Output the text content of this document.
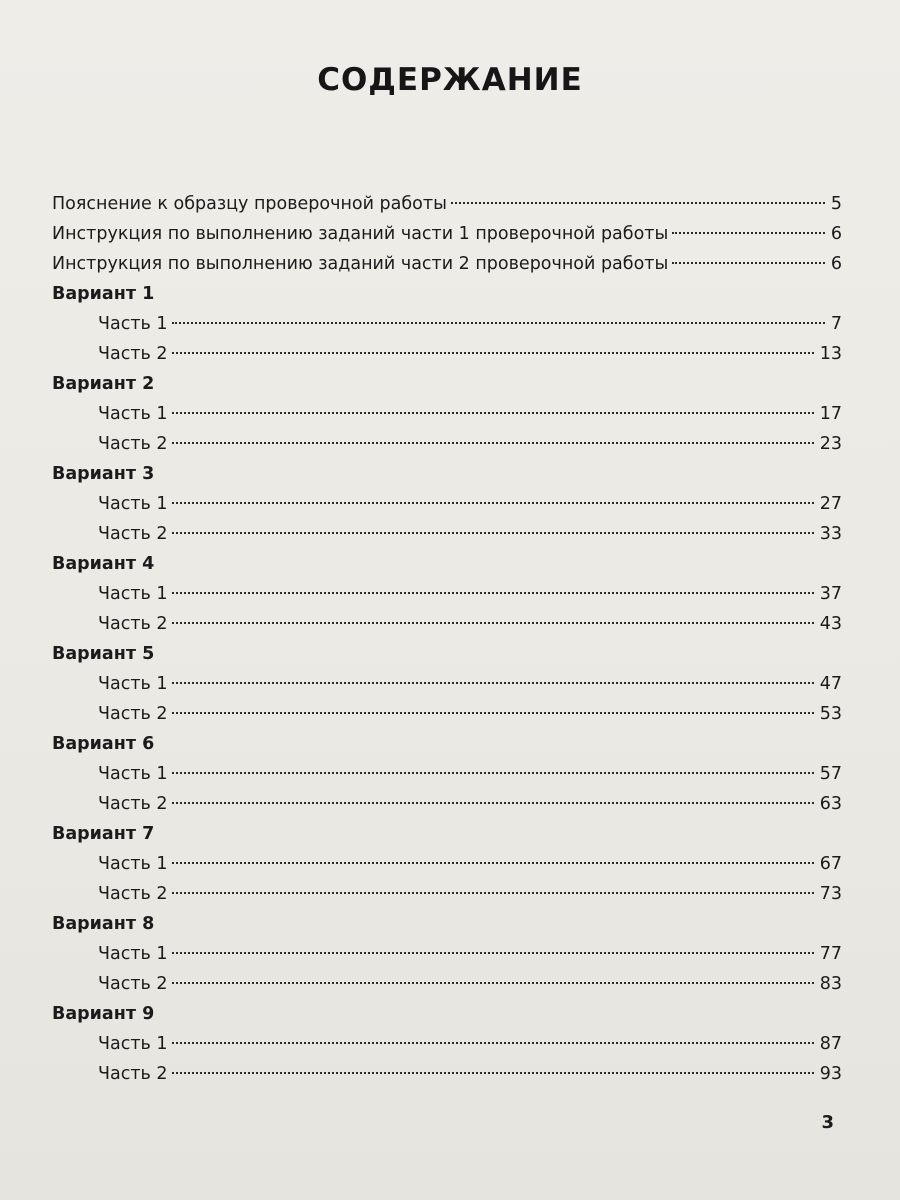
СОДЕРЖАНИЕ
Пояснение к образцу проверочной работы	5
Инструкция по выполнению заданий части 1 проверочной работы	6
Инструкция по выполнению заданий части 2 проверочной работы	6
Вариант 1
Часть 1	7
Часть 2	13
Вариант 2
Часть 1	17
Часть 2	23
Вариант 3
Часть 1	27
Часть 2	33
Вариант 4
Часть 1	37
Часть 2	43
Вариант 5
Часть 1	47
Часть 2	53
Вариант 6
Часть 1	57
Часть 2	63
Вариант 7
Часть 1	67
Часть 2	73
Вариант 8
Часть 1	77
Часть 2	83
Вариант 9
Часть 1	87
Часть 2	93
3
